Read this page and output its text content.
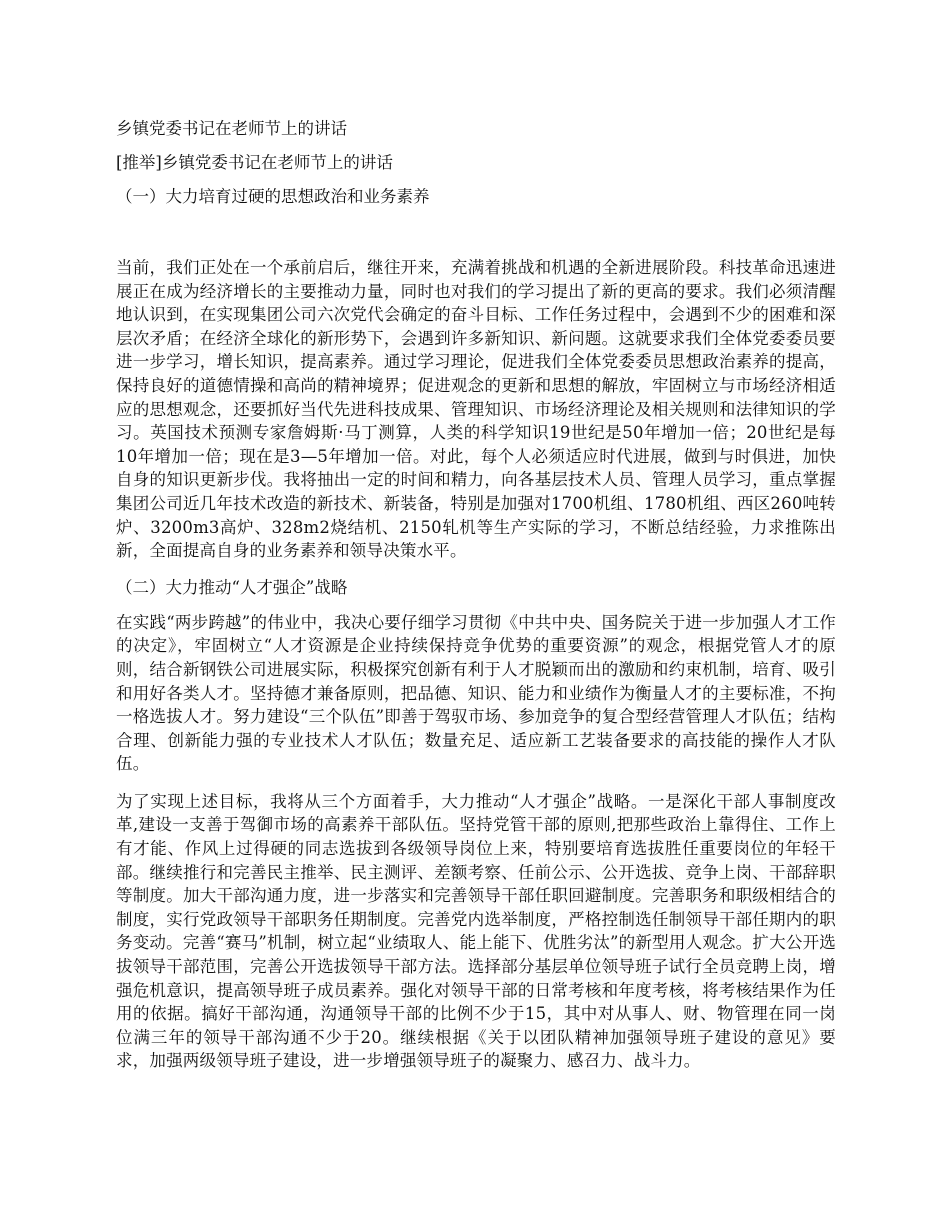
乡镇党委书记在老师节上的讲话
[推举]乡镇党委书记在老师节上的讲话
（一）大力培育过硬的思想政治和业务素养

当前，我们正处在一个承前启后，继往开来，充满着挑战和机遇的全新进展阶段。科技革命迅速进展正在成为经济增长的主要推动力量，同时也对我们的学习提出了新的更高的要求。我们必须清醒地认识到，在实现集团公司六次党代会确定的奋斗目标、工作任务过程中，会遇到不少的困难和深层次矛盾；在经济全球化的新形势下，会遇到许多新知识、新问题。这就要求我们全体党委委员要进一步学习，增长知识，提高素养。通过学习理论，促进我们全体党委委员思想政治素养的提高，保持良好的道德情操和高尚的精神境界；促进观念的更新和思想的解放，牢固树立与市场经济相适应的思想观念，还要抓好当代先进科技成果、管理知识、市场经济理论及相关规则和法律知识的学习。英国技术预测专家詹姆斯·马丁测算，人类的科学知识19世纪是50年增加一倍；20世纪是每10年增加一倍；现在是3—5年增加一倍。对此，每个人必须适应时代进展，做到与时俱进，加快自身的知识更新步伐。我将抽出一定的时间和精力，向各基层技术人员、管理人员学习，重点掌握集团公司近几年技术改造的新技术、新装备，特别是加强对1700机组、1780机组、西区260吨转炉、3200m3高炉、328m2烧结机、2150轧机等生产实际的学习，不断总结经验，力求推陈出新，全面提高自身的业务素养和领导决策水平。

（二）大力推动“人才强企”战略

在实践“两步跨越”的伟业中，我决心要仔细学习贯彻《中共中央、国务院关于进一步加强人才工作的决定》，牢固树立“人才资源是企业持续保持竞争优势的重要资源”的观念，根据党管人才的原则，结合新钢铁公司进展实际，积极探究创新有利于人才脱颖而出的激励和约束机制，培育、吸引和用好各类人才。坚持德才兼备原则，把品德、知识、能力和业绩作为衡量人才的主要标准，不拘一格选拔人才。努力建设“三个队伍”即善于驾驭市场、参加竞争的复合型经营管理人才队伍；结构合理、创新能力强的专业技术人才队伍；数量充足、适应新工艺装备要求的高技能的操作人才队伍。

为了实现上述目标，我将从三个方面着手，大力推动“人才强企”战略。一是深化干部人事制度改革,建设一支善于驾御市场的高素养干部队伍。坚持党管干部的原则,把那些政治上靠得住、工作上有才能、作风上过得硬的同志选拔到各级领导岗位上来，特别要培育选拔胜任重要岗位的年轻干部。继续推行和完善民主推举、民主测评、差额考察、任前公示、公开选拔、竞争上岗、干部辞职等制度。加大干部沟通力度，进一步落实和完善领导干部任职回避制度。完善职务和职级相结合的制度，实行党政领导干部职务任期制度。完善党内选举制度，严格控制选任制领导干部任期内的职务变动。完善“赛马”机制，树立起“业绩取人、能上能下、优胜劣汰”的新型用人观念。扩大公开选拔领导干部范围，完善公开选拔领导干部方法。选择部分基层单位领导班子试行全员竞聘上岗，增强危机意识，提高领导班子成员素养。强化对领导干部的日常考核和年度考核，将考核结果作为任用的依据。搞好干部沟通，沟通领导干部的比例不少于15，其中对从事人、财、物管理在同一岗位满三年的领导干部沟通不少于20。继续根据《关于以团队精神加强领导班子建设的意见》要求，加强两级领导班子建设，进一步增强领导班子的凝聚力、感召力、战斗力。
